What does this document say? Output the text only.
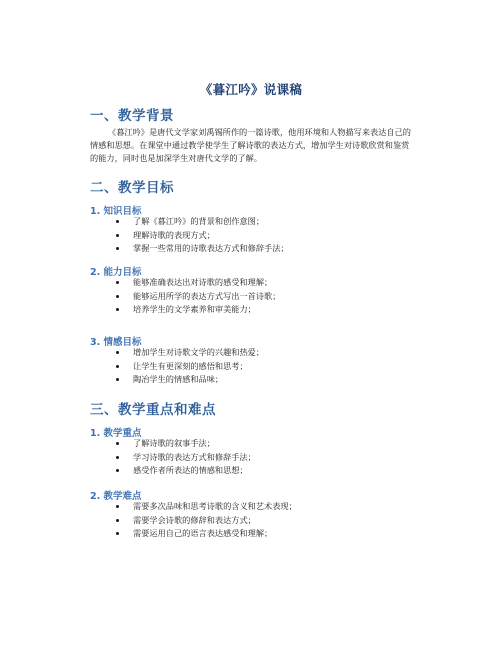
《暮江吟》说课稿
一、教学背景
《暮江吟》是唐代文学家刘禹锡所作的一篇诗歌，他用环境和人物描写来表达自己的情感和思想。在课堂中通过教学使学生了解诗歌的表达方式，增加学生对诗歌欣赏和鉴赏的能力，同时也是加深学生对唐代文学的了解。
二、教学目标
1. 知识目标
了解《暮江吟》的背景和创作意图；
理解诗歌的表现方式；
掌握一些常用的诗歌表达方式和修辞手法；
2. 能力目标
能够准确表达出对诗歌的感受和理解；
能够运用所学的表达方式写出一首诗歌；
培养学生的文学素养和审美能力；
3. 情感目标
增加学生对诗歌文学的兴趣和热爱；
让学生有更深刻的感悟和思考；
陶冶学生的情感和品味；
三、教学重点和难点
1. 教学重点
了解诗歌的叙事手法；
学习诗歌的表达方式和修辞手法；
感受作者所表达的情感和思想；
2. 教学难点
需要多次品味和思考诗歌的含义和艺术表现；
需要学会诗歌的修辞和表达方式；
需要运用自己的语言表达感受和理解；
